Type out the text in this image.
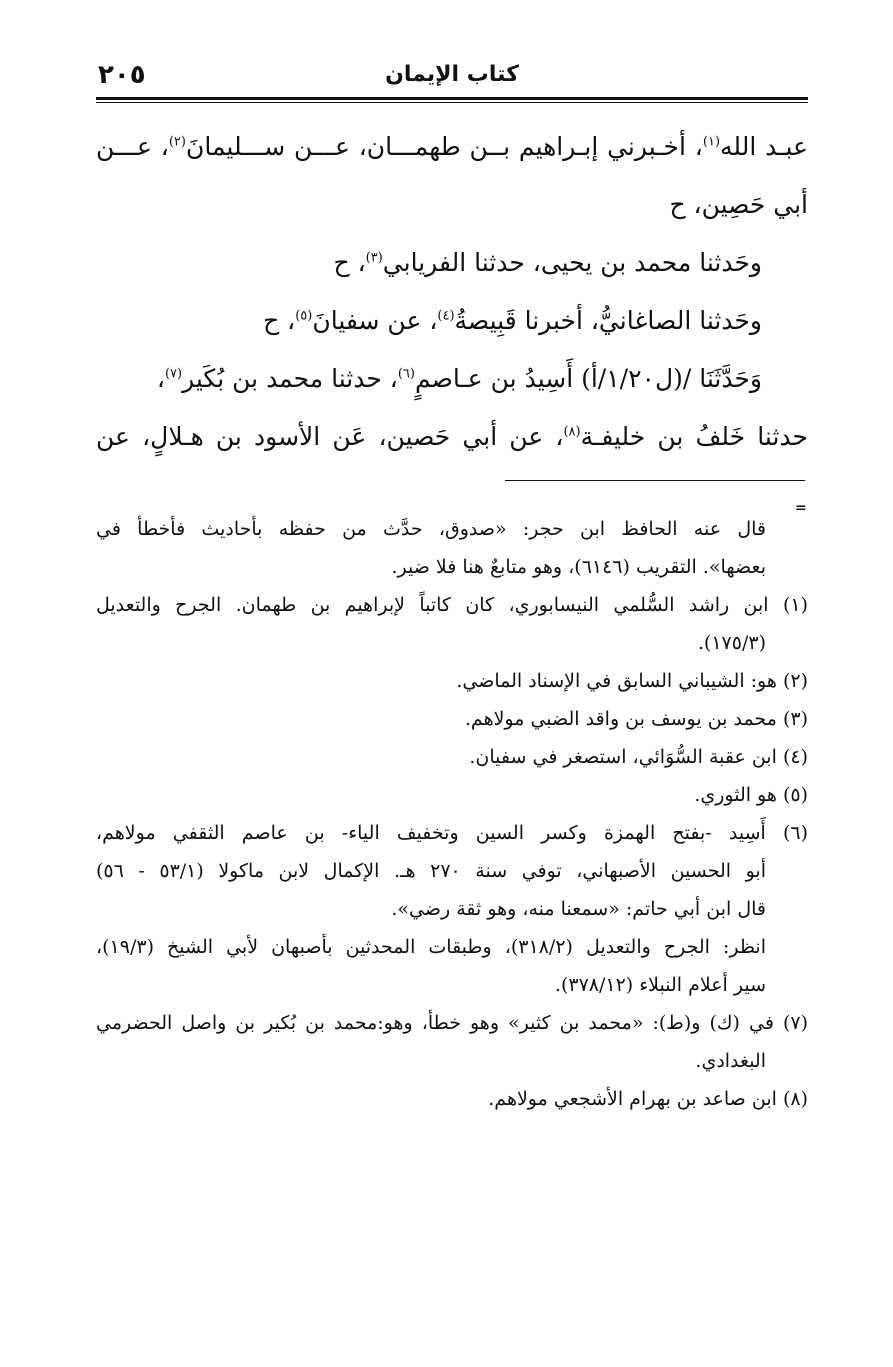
كتاب الإيمان
٢٠٥

عبـد الله$^{(١)}$، أخـبرني إبـراهيم بــن طهمـــان، عـــن ســـليمانَ$^{(٢)}$، عـــن

أبي حَصِين، ح

وحَدثنا محمد بن يحيى، حدثنا الفريابي$^{(٣)}$، ح

وحَدثنا الصاغانيُّ، أخبرنا قَبِيصةُ$^{(٤)}$، عن سفيانَ$^{(٥)}$، ح

وَحَدَّثَنَا /(ل١/٢٠/أ) أَسِيدُ بن عـاصمٍ$^{(٦)}$، حدثنا محمد بن بُكَير$^{(٧)}$،

حدثنا خَلفُ بن خليفـة$^{(٨)}$، عن أبي حَصين، عَن الأسود بن هـلالٍ، عن

=
قال عنه الحافظ ابن حجر: «صدوق، حدَّث من حفظه بأحاديث فأخطأ في
بعضها». التقريب (٦١٤٦)، وهو متابعٌ هنا فلا ضير.
(١) ابن راشد السُّلمي النيسابوري، كان كاتباً لإبراهيم بن طهمان. الجرح والتعديل
(١٧٥/٣).
(٢) هو: الشيباني السابق في الإسناد الماضي.
(٣) محمد بن يوسف بن واقد الضبي مولاهم.
(٤) ابن عقبة السُّوَائي، استصغر في سفيان.
(٥) هو الثوري.
(٦) أَسِيد -بفتح الهمزة وكسر السين وتخفيف الياء- بن عاصم الثقفي مولاهم،
أبو الحسين الأصبهاني، توفي سنة ٢٧٠ هـ. الإكمال لابن ماكولا (٥٣/١ - ٥٦)
قال ابن أبي حاتم: «سمعنا منه، وهو ثقة رضي».
انظر: الجرح والتعديل (٣١٨/٢)، وطبقات المحدثين بأصبهان لأبي الشيخ (١٩/٣)،
سير أعلام النبلاء (٣٧٨/١٢).
(٧) في (ك) و(ط): «محمد بن كثير» وهو خطأ، وهو:محمد بن بُكير بن واصل الحضرمي
البغدادي.
(٨) ابن صاعد بن بهرام الأشجعي مولاهم.
